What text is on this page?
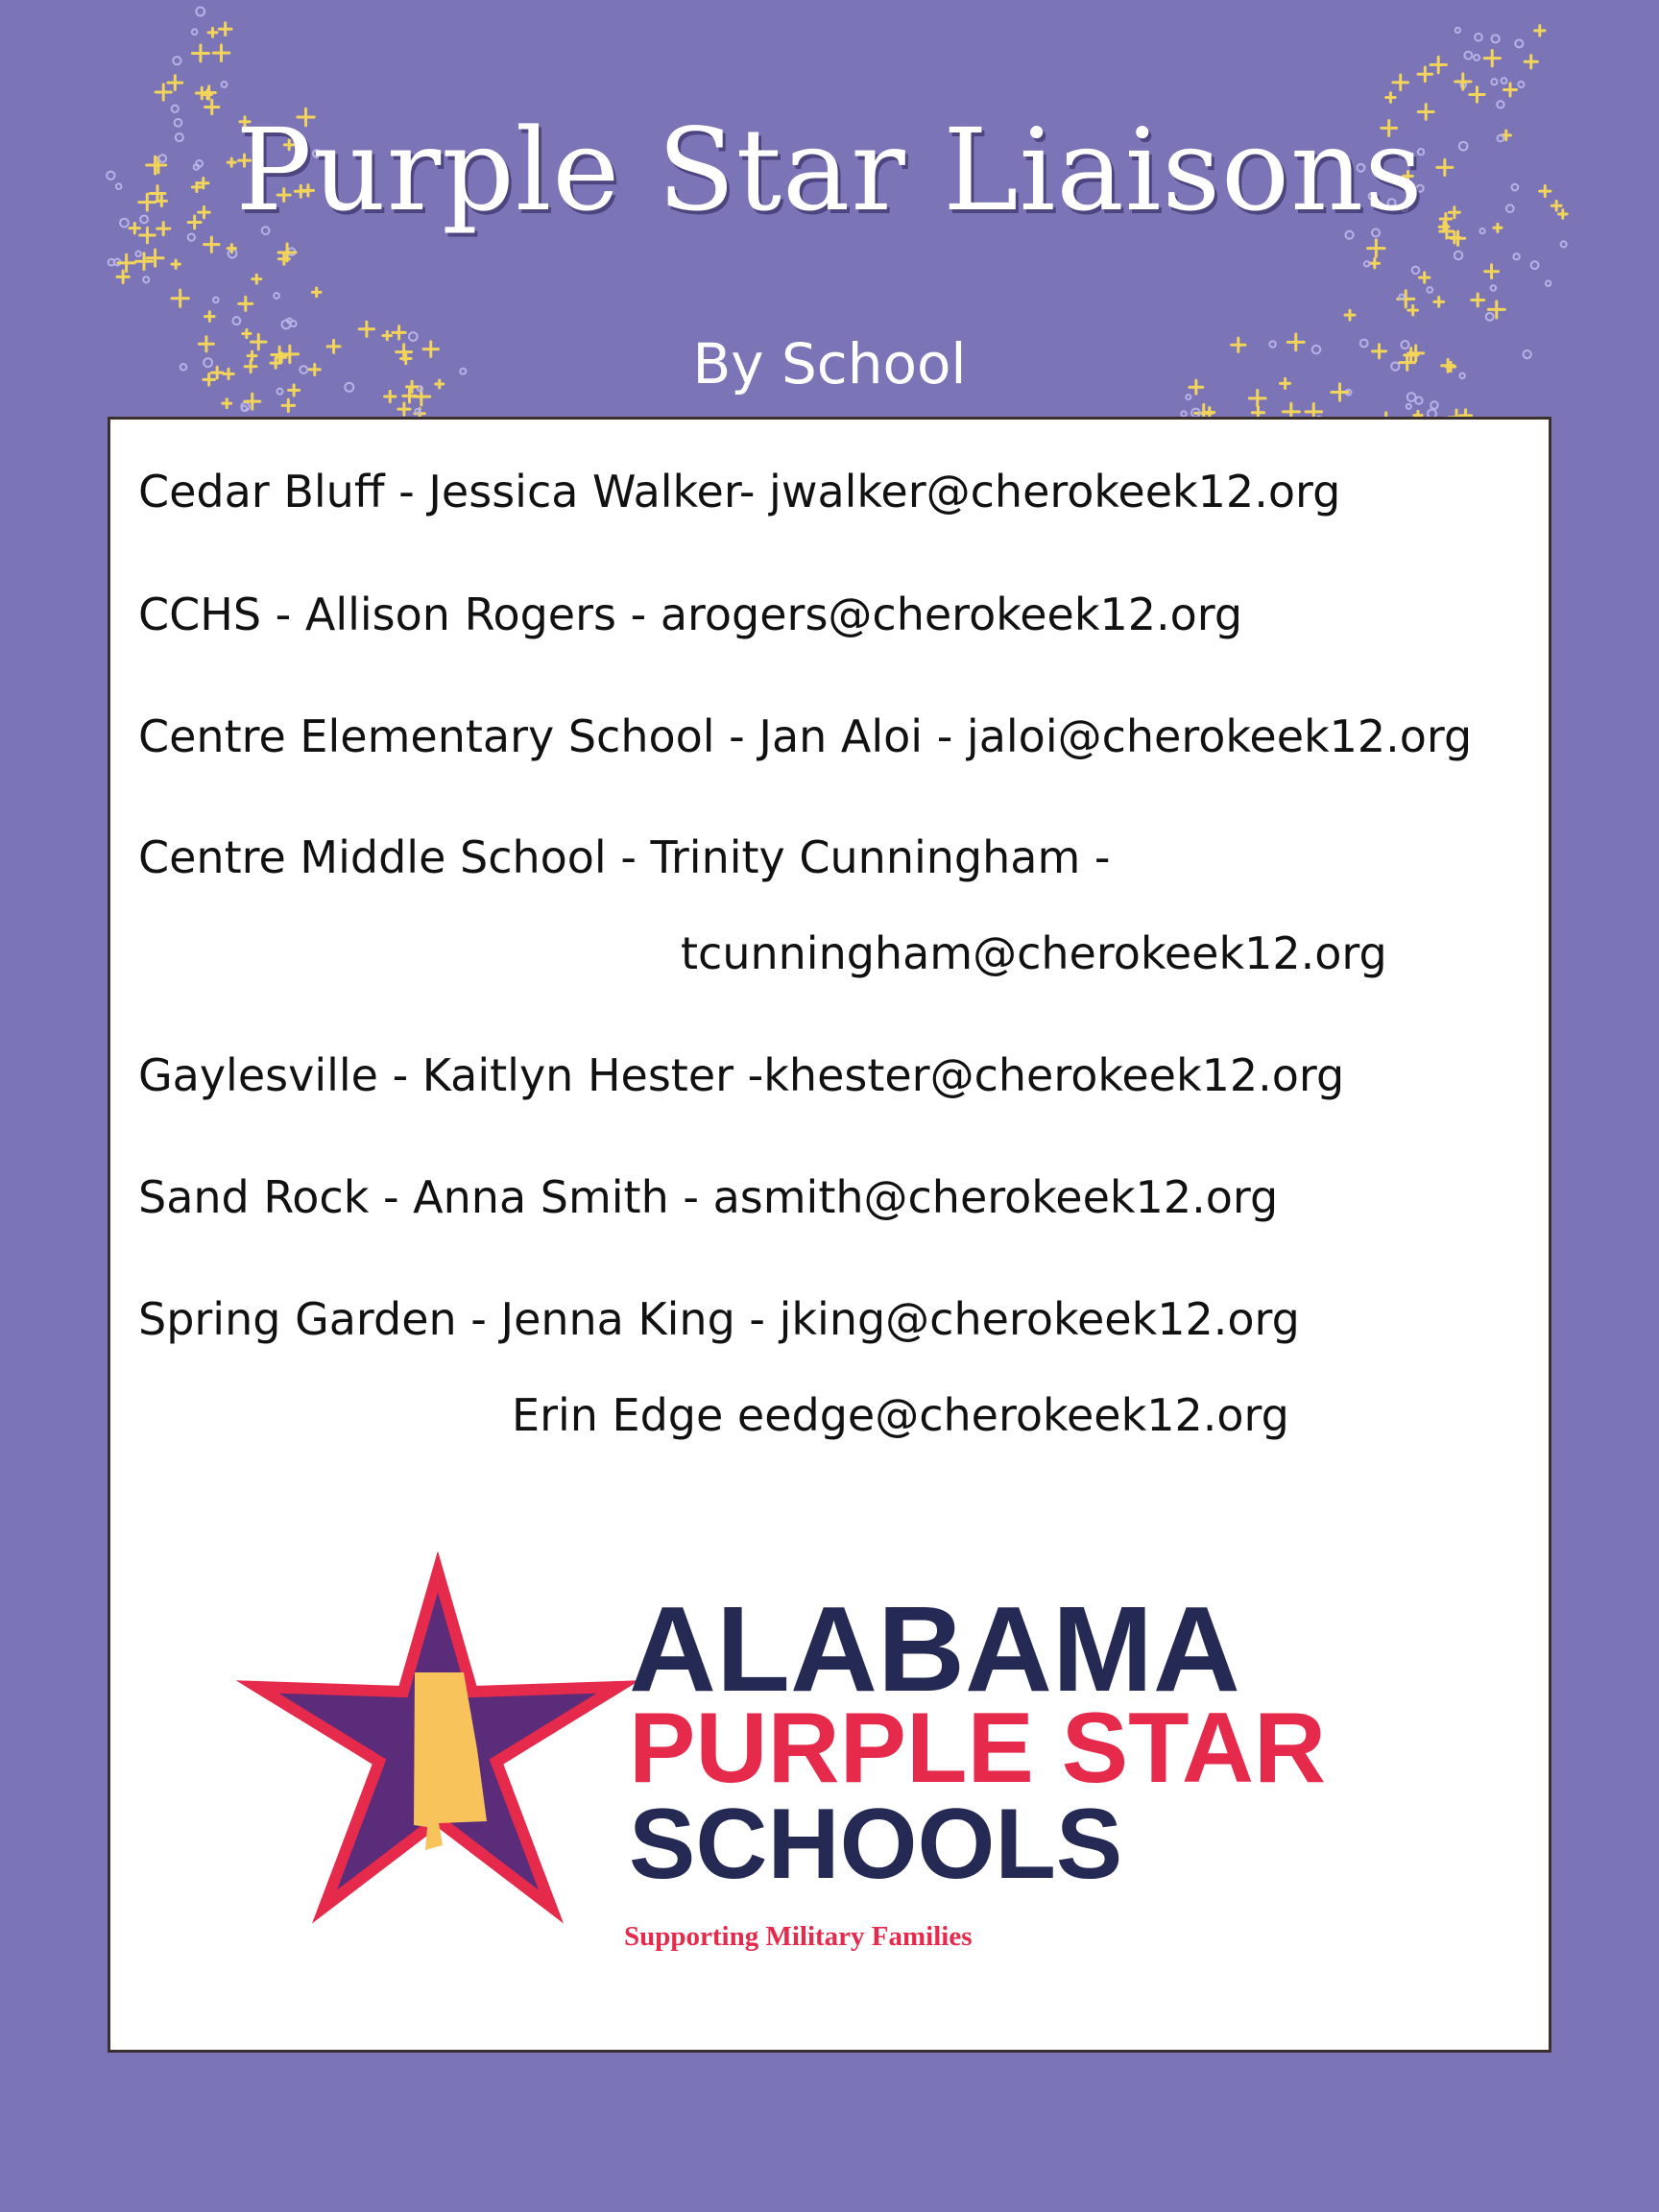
Purple Star Liaisons
By School
Cedar Bluff - Jessica Walker- jwalker@cherokeek12.org
CCHS - Allison Rogers - arogers@cherokeek12.org
Centre Elementary School - Jan Aloi - jaloi@cherokeek12.org
Centre Middle School - Trinity Cunningham -
tcunningham@cherokeek12.org
Gaylesville - Kaitlyn Hester -khester@cherokeek12.org
Sand Rock - Anna Smith - asmith@cherokeek12.org
Spring Garden - Jenna King - jking@cherokeek12.org
Erin Edge eedge@cherokeek12.org
ALABAMA
PURPLE STAR
SCHOOLS
Supporting Military Families
